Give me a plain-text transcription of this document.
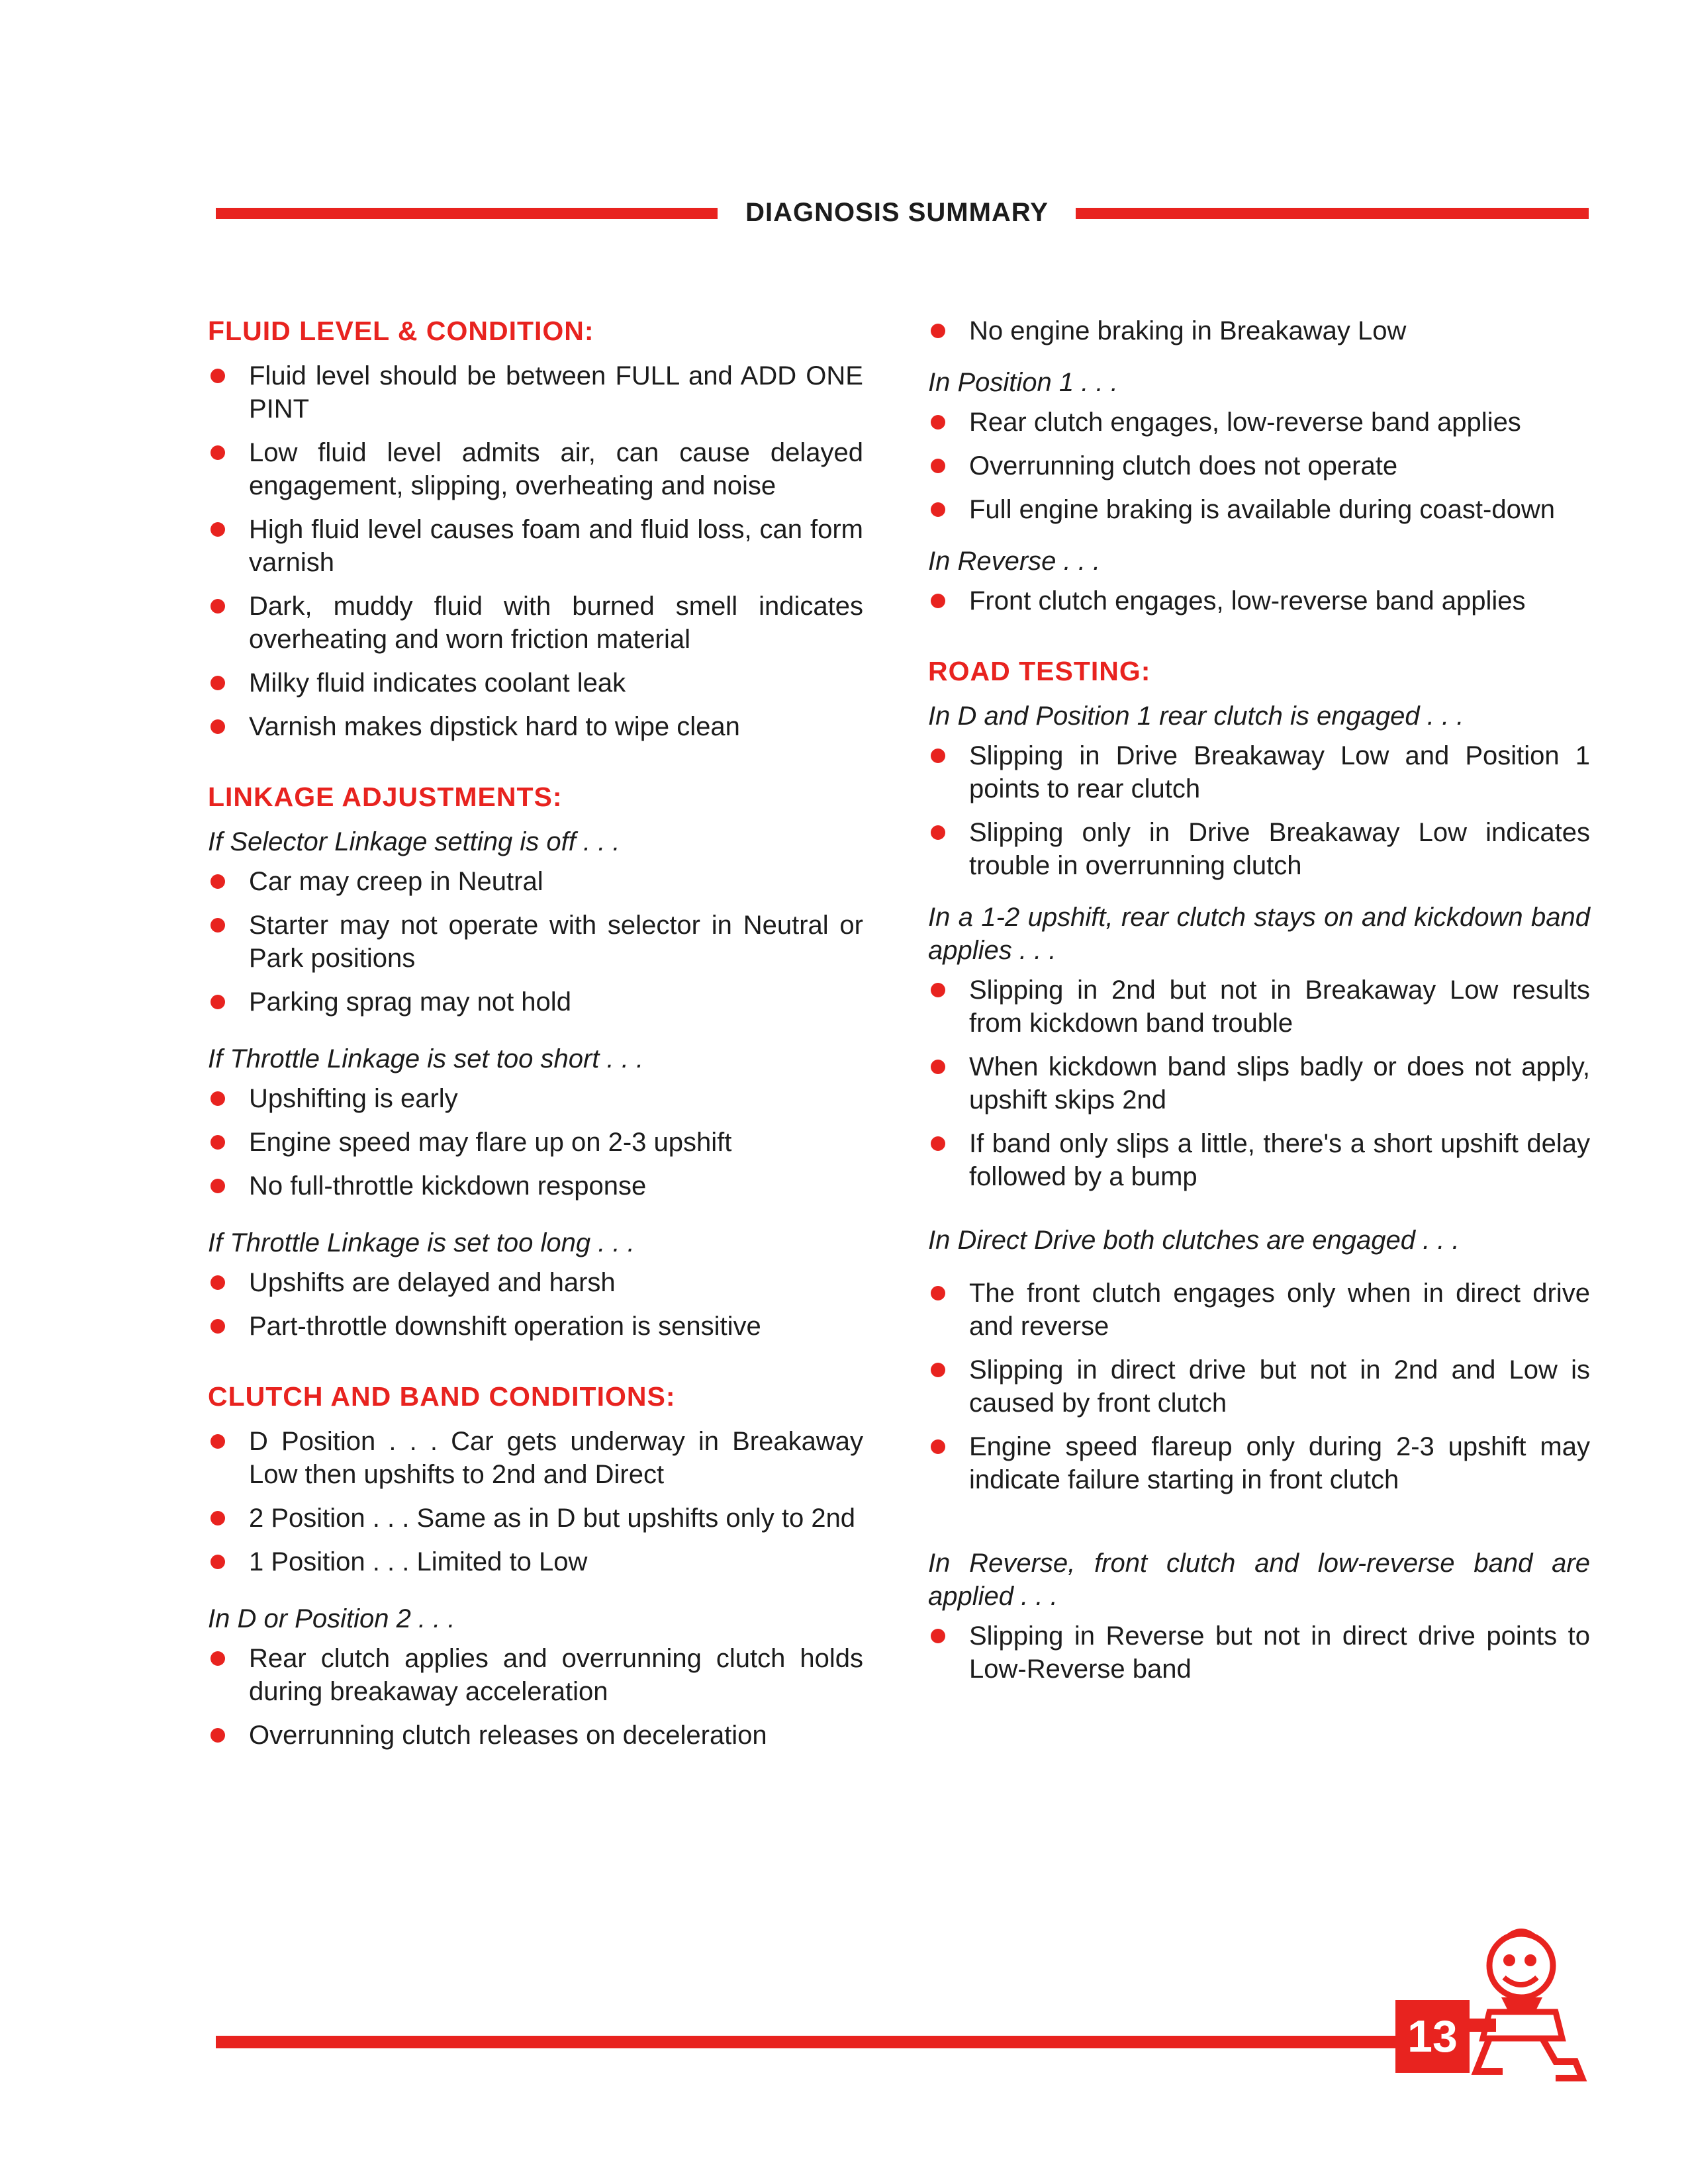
DIAGNOSIS SUMMARY
FLUID LEVEL & CONDITION:
Fluid level should be between FULL and ADD ONE PINT
Low fluid level admits air, can cause delayed engagement, slipping, overheating and noise
High fluid level causes foam and fluid loss, can form varnish
Dark, muddy fluid with burned smell indicates overheating and worn friction material
Milky fluid indicates coolant leak
Varnish makes dipstick hard to wipe clean
LINKAGE ADJUSTMENTS:
If Selector Linkage setting is off . . .
Car may creep in Neutral
Starter may not operate with selector in Neutral or Park positions
Parking sprag may not hold
If Throttle Linkage is set too short . . .
Upshifting is early
Engine speed may flare up on 2-3 upshift
No full-throttle kickdown response
If Throttle Linkage is set too long . . .
Upshifts are delayed and harsh
Part-throttle downshift operation is sensitive
CLUTCH AND BAND CONDITIONS:
D Position . . . Car gets underway in Breakaway Low then upshifts to 2nd and Direct
2 Position . . . Same as in D but upshifts only to 2nd
1 Position . . . Limited to Low
In D or Position 2 . . .
Rear clutch applies and overrunning clutch holds during breakaway acceleration
Overrunning clutch releases on deceleration
No engine braking in Breakaway Low
In Position 1 . . .
Rear clutch engages, low-reverse band applies
Overrunning clutch does not operate
Full engine braking is available during coast-down
In Reverse . . .
Front clutch engages, low-reverse band applies
ROAD TESTING:
In D and Position 1 rear clutch is engaged . . .
Slipping in Drive Breakaway Low and Position 1 points to rear clutch
Slipping only in Drive Breakaway Low indicates trouble in overrunning clutch
In a 1-2 upshift, rear clutch stays on and kickdown band applies . . .
Slipping in 2nd but not in Breakaway Low results from kickdown band trouble
When kickdown band slips badly or does not apply, upshift skips 2nd
If band only slips a little, there's a short upshift delay followed by a bump
In Direct Drive both clutches are engaged . . .
The front clutch engages only when in direct drive and reverse
Slipping in direct drive but not in 2nd and Low is caused by front clutch
Engine speed flareup only during 2-3 upshift may indicate failure starting in front clutch
In Reverse, front clutch and low-reverse band are applied . . .
Slipping in Reverse but not in direct drive points to Low-Reverse band
13
